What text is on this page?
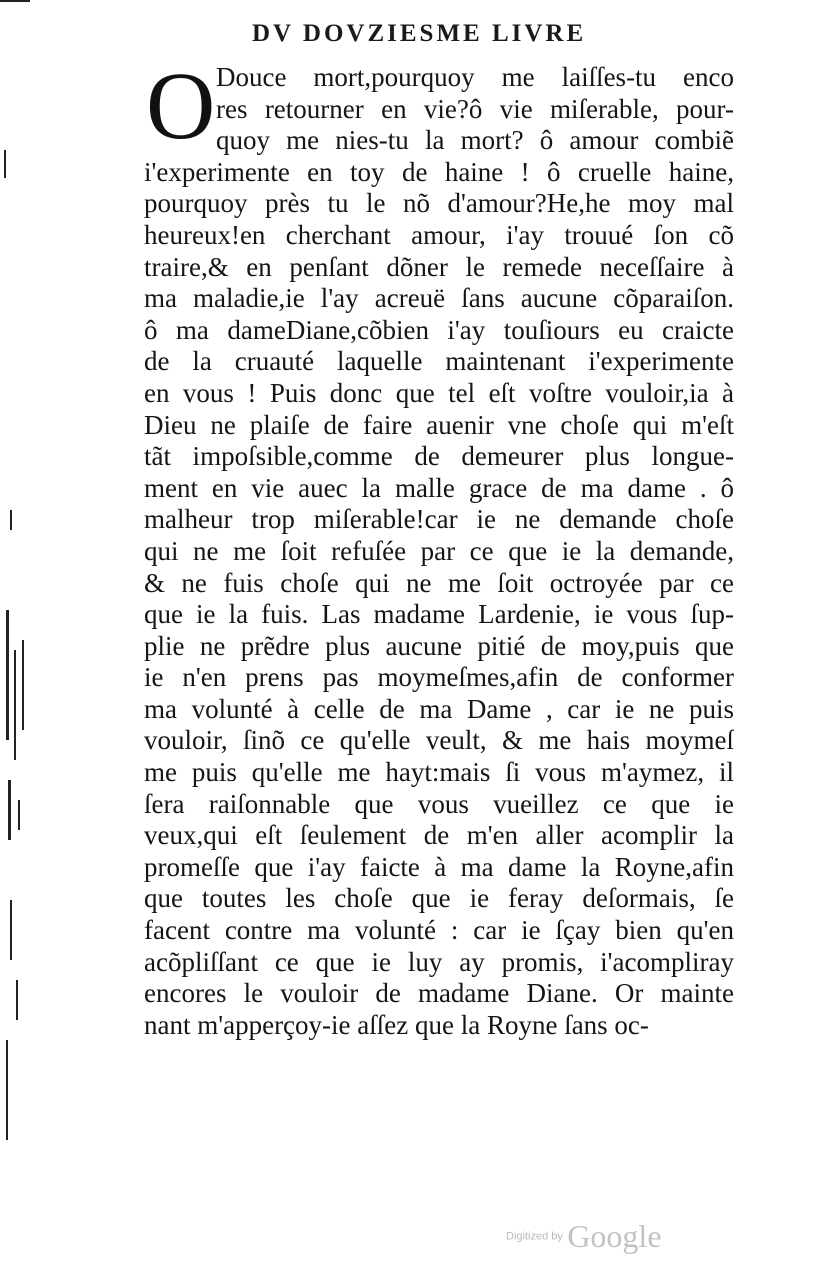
DV DOVZIESME LIVRE
O Douce mort,pourquoy me laiſſes-tu enco
res retourner en vie?ô vie miſerable, pour-
quoy me nies-tu la mort? ô amour combiẽ
i'experimente en toy de haine ! ô cruelle haine,
pourquoy près tu le nõ d'amour?He,he moy mal
heureux!en cherchant amour, i'ay trouué ſon cõ
traire,& en penſant dõner le remede neceſſaire à
ma maladie,ie l'ay acreuë ſans aucune cõparaiſon.
ô ma dameDiane,cõbien i'ay touſiours eu craicte
de la cruauté laquelle maintenant i'experimente
en vous ! Puis donc que tel eſt voſtre vouloir,ia à
Dieu ne plaiſe de faire auenir vne choſe qui m'eſt
tãt impoſsible,comme de demeurer plus longue-
ment en vie auec la malle grace de ma dame . ô
malheur trop miſerable!car ie ne demande choſe
qui ne me ſoit refuſée par ce que ie la demande,
& ne fuis choſe qui ne me ſoit octroyée par ce
que ie la fuis. Las madame Lardenie, ie vous ſup-
plie ne prẽdre plus aucune pitié de moy,puis que
ie n'en prens pas moymeſmes,afin de conformer
ma volunté à celle de ma Dame , car ie ne puis
vouloir, ſinõ ce qu'elle veult, & me hais moymeſ
me puis qu'elle me hayt:mais ſi vous m'aymez, il
ſera raiſonnable que vous vueillez ce que ie
veux,qui eſt ſeulement de m'en aller acomplir la
promeſſe que i'ay faicte à ma dame la Royne,afin
que toutes les choſe que ie feray deſormais, ſe
facent contre ma volunté : car ie ſçay bien qu'en
acõpliſſant ce que ie luy ay promis, i'acompliray
encores le vouloir de madame Diane. Or mainte
nant m'apperçoy-ie aſſez que la Royne ſans oc-
Digitized by Google
